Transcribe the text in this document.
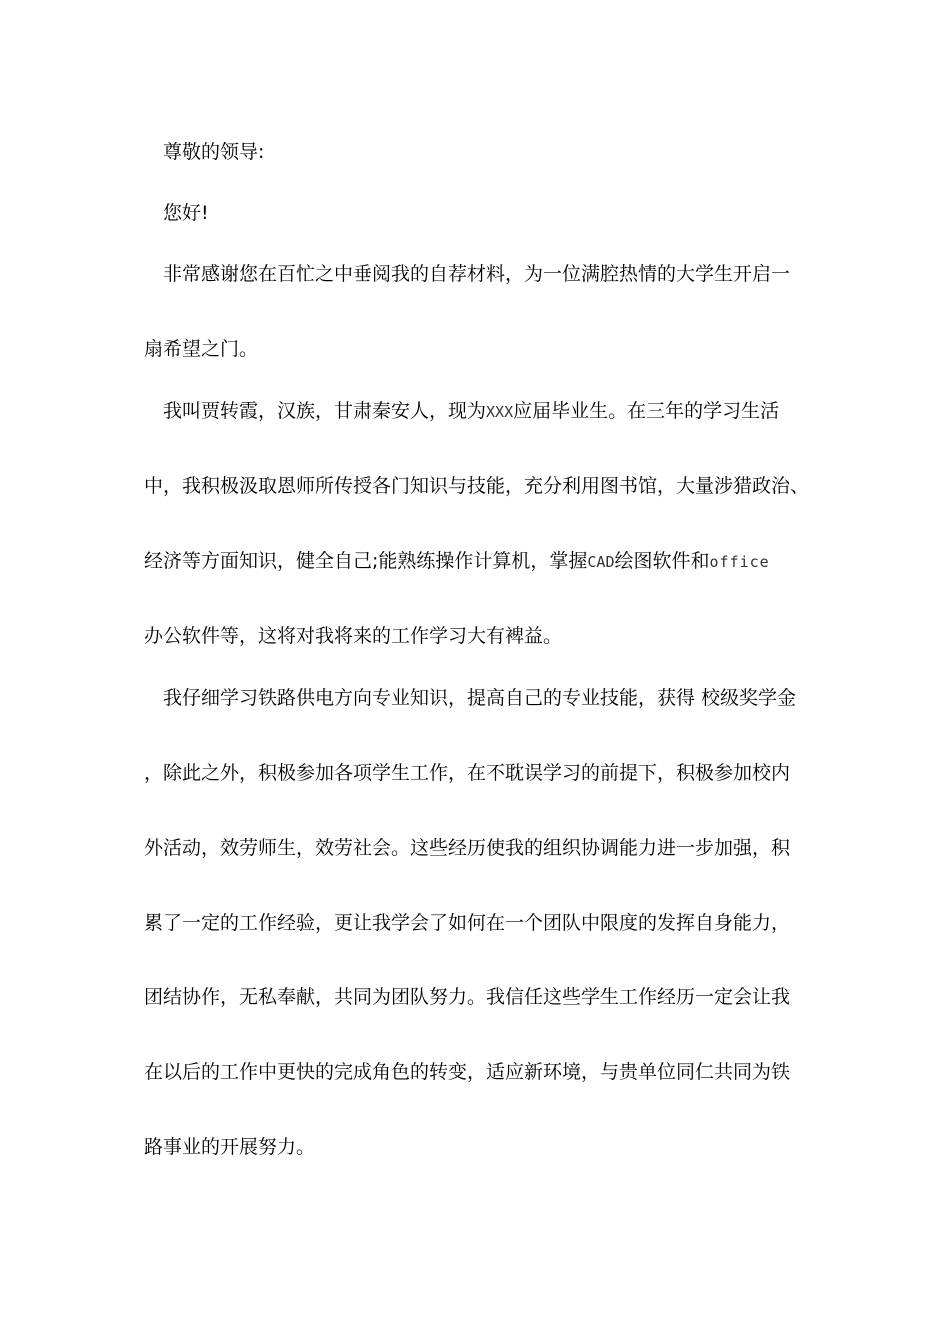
尊敬的领导:
您好!
非常感谢您在百忙之中垂阅我的自荐材料，为一位满腔热情的大学生开启一
扇希望之门。
我叫贾转霞，汉族，甘肃秦安人，现为XXX应届毕业生。在三年的学习生活
中，我积极汲取恩师所传授各门知识与技能，充分利用图书馆，大量涉猎政治、
经济等方面知识，健全自己;能熟练操作计算机，掌握CAD绘图软件和office
办公软件等，这将对我将来的工作学习大有裨益。
我仔细学习铁路供电方向专业知识，提高自己的专业技能，获得 校级奖学金
，除此之外，积极参加各项学生工作，在不耽误学习的前提下，积极参加校内
外活动，效劳师生，效劳社会。这些经历使我的组织协调能力进一步加强，积
累了一定的工作经验，更让我学会了如何在一个团队中限度的发挥自身能力，
团结协作，无私奉献，共同为团队努力。我信任这些学生工作经历一定会让我
在以后的工作中更快的完成角色的转变，适应新环境，与贵单位同仁共同为铁
路事业的开展努力。
